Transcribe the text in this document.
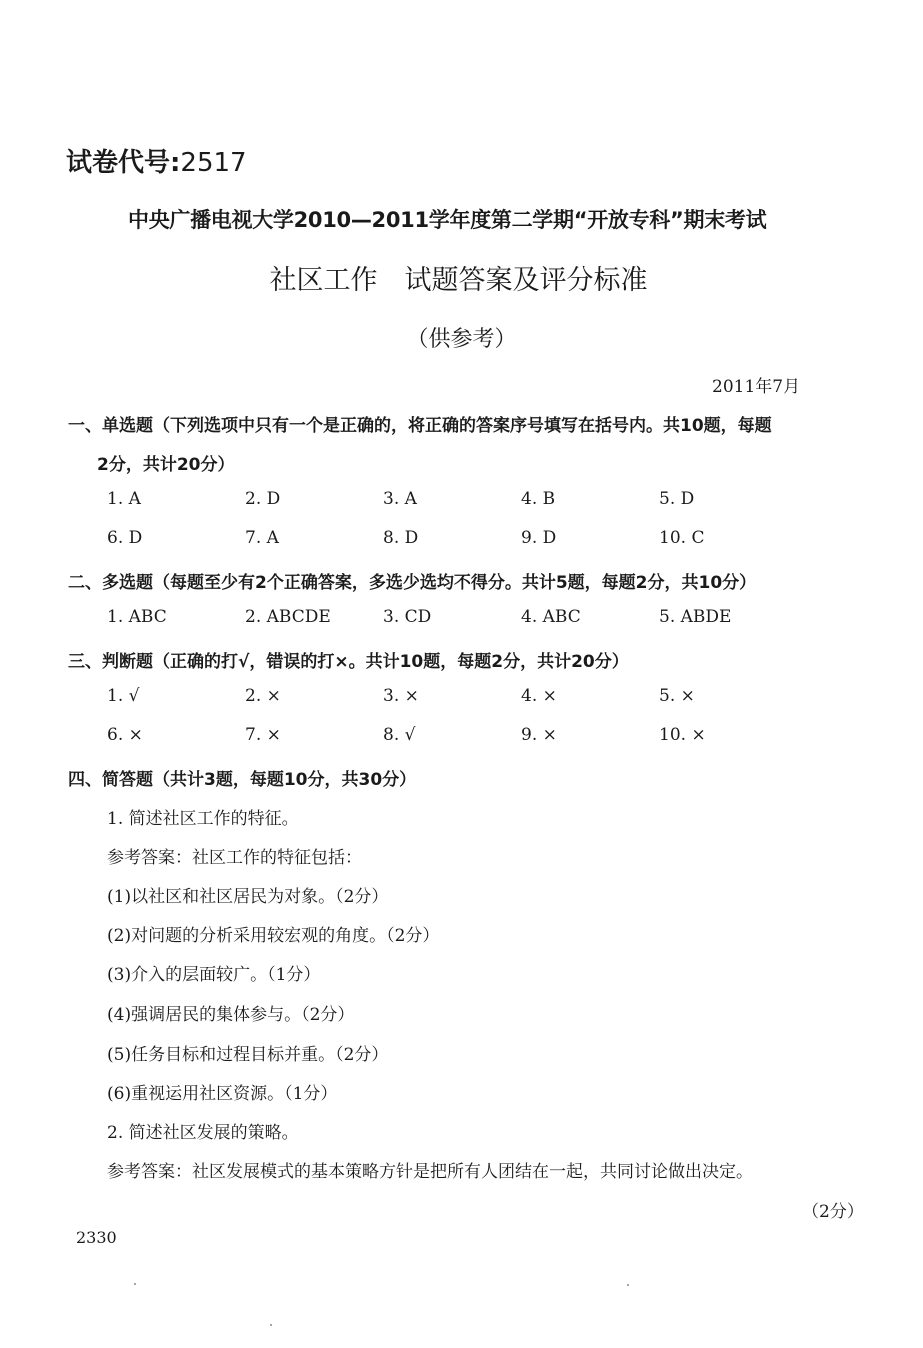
试卷代号:2517
中央广播电视大学2010—2011学年度第二学期“开放专科”期末考试
社区工作　试题答案及评分标准
（供参考）
2011年7月
一、单选题（下列选项中只有一个是正确的，将正确的答案序号填写在括号内。共10题，每题
2分，共计20分）
1. A	2. D	3. A	4. B	5. D
6. D	7. A	8. D	9. D	10. C
二、多选题（每题至少有2个正确答案，多选少选均不得分。共计5题，每题2分，共10分）
1. ABC	2. ABCDE	3. CD	4. ABC	5. ABDE
三、判断题（正确的打√，错误的打×。共计10题，每题2分，共计20分）
1. √	2. ×	3. ×	4. ×	5. ×
6. ×	7. ×	8. √	9. ×	10. ×
四、简答题（共计3题，每题10分，共30分）
1. 简述社区工作的特征。
参考答案：社区工作的特征包括：
(1)以社区和社区居民为对象。（2分）
(2)对问题的分析采用较宏观的角度。（2分）
(3)介入的层面较广。（1分）
(4)强调居民的集体参与。（2分）
(5)任务目标和过程目标并重。（2分）
(6)重视运用社区资源。（1分）
2. 简述社区发展的策略。
参考答案：社区发展模式的基本策略方针是把所有人团结在一起，共同讨论做出决定。
（2分）
2330
